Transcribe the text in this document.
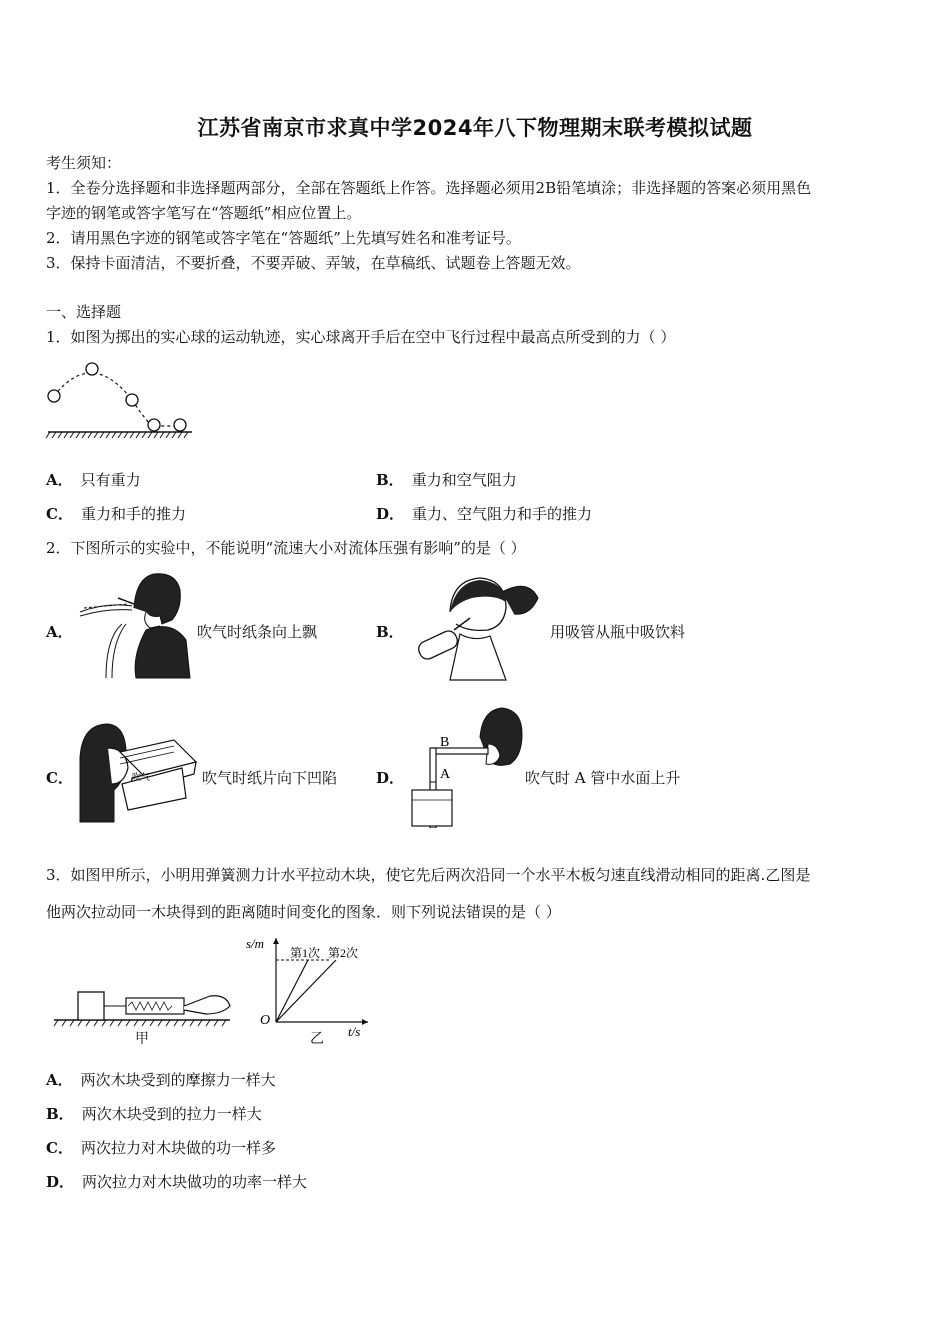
江苏省南京市求真中学2024年八下物理期末联考模拟试题
考生须知：
1．全卷分选择题和非选择题两部分，全部在答题纸上作答。选择题必须用2B铅笔填涂；非选择题的答案必须用黑色
字迹的钢笔或答字笔写在“答题纸”相应位置上。
2．请用黑色字迹的钢笔或答字笔在“答题纸”上先填写姓名和准考证号。
3．保持卡面清洁，不要折叠，不要弄破、弄皱，在草稿纸、试题卷上答题无效。
一、选择题
1．如图为掷出的实心球的运动轨迹，实心球离开手后在空中飞行过程中最高点所受到的力（ ）
A． 只有重力	B． 重力和空气阻力
C． 重力和手的推力	D． 重力、空气阻力和手的推力
2．下图所示的实验中，不能说明“流速大小对流体压强有影响”的是（ ）
A．	吹气时纸条向上飘	B．	用吸管从瓶中吸饮料
C．	吹气	吹气时纸片向下凹陷	D．
B
A	吹气时 A 管中水面上升
3．如图甲所示，小明用弹簧测力计水平拉动木块，使它先后两次沿同一个水平木板匀速直线滑动相同的距离.乙图是
他两次拉动同一木块得到的距离随时间变化的图象．则下列说法错误的是（ ）
甲
s/m
t/s
O
第1次 第2次
乙
A． 两次木块受到的摩擦力一样大
B． 两次木块受到的拉力一样大
C． 两次拉力对木块做的功一样多
D． 两次拉力对木块做功的功率一样大
